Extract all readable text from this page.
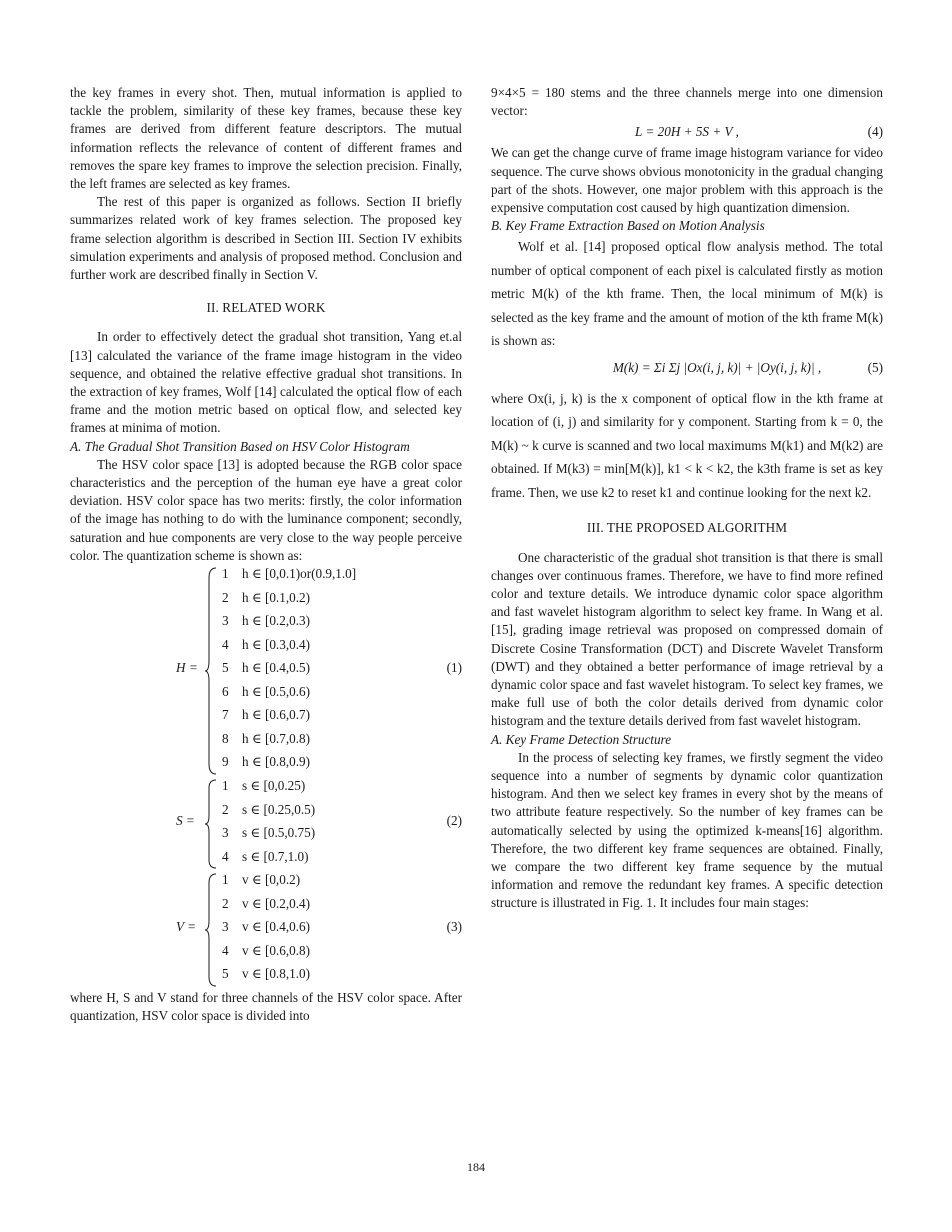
the key frames in every shot. Then, mutual information is applied to tackle the problem, similarity of these key frames, because these key frames are derived from different feature descriptors. The mutual information reflects the relevance of content of different frames and removes the spare key frames to improve the selection precision. Finally, the left frames are selected as key frames.

The rest of this paper is organized as follows. Section II briefly summarizes related work of key frames selection. The proposed key frame selection algorithm is described in Section III. Section IV exhibits simulation experiments and analysis of proposed method. Conclusion and further work are described finally in Section V.

II. RELATED WORK

In order to effectively detect the gradual shot transition, Yang et.al [13] calculated the variance of the frame image histogram in the video sequence, and obtained the relative effective gradual shot transitions. In the extraction of key frames, Wolf [14] calculated the optical flow of each frame and the motion metric based on optical flow, and selected key frames at minima of motion.

A. The Gradual Shot Transition Based on HSV Color Histogram

The HSV color space [13] is adopted because the RGB color space characteristics and the perception of the human eye have a great color deviation. HSV color space has two merits: firstly, the color information of the image has nothing to do with the luminance component; secondly, saturation and hue components are very close to the way people perceive color. The quantization scheme is shown as:

H =	(1)
1 h ∈ [0,0.1)or(0.9,1.0]
2 h ∈ [0.1,0.2)
3 h ∈ [0.2,0.3)
4 h ∈ [0.3,0.4)
5 h ∈ [0.4,0.5)
6 h ∈ [0.5,0.6)
7 h ∈ [0.6,0.7)
8 h ∈ [0.7,0.8)
9 h ∈ [0.8,0.9)
S =	(2)
1 s ∈ [0,0.25)
2 s ∈ [0.25,0.5)
3 s ∈ [0.5,0.75)
4 s ∈ [0.7,1.0)
V =	(3)
1 v ∈ [0,0.2)
2 v ∈ [0.2,0.4)
3 v ∈ [0.4,0.6)
4 v ∈ [0.6,0.8)
5 v ∈ [0.8,1.0)

where H, S and V stand for three channels of the HSV color space. After quantization, HSV color space is divided into

9×4×5 = 180 stems and the three channels merge into one dimension vector:

L = 20H + 5S + V ,	(4)

We can get the change curve of frame image histogram variance for video sequence. The curve shows obvious monotonicity in the gradual changing part of the shots. However, one major problem with this approach is the expensive computation cost caused by high quantization dimension.

B. Key Frame Extraction Based on Motion Analysis

Wolf et al. [14] proposed optical flow analysis method. The total number of optical component of each pixel is calculated firstly as motion metric M(k) of the kth frame. Then, the local minimum of M(k) is selected as the key frame and the amount of motion of the kth frame M(k) is shown as:

M(k) = Σi Σj |Ox(i, j, k)| + |Oy(i, j, k)| ,	(5)

where Ox(i, j, k) is the x component of optical flow in the kth frame at location of (i, j) and similarity for y component. Starting from k = 0, the M(k) ~ k curve is scanned and two local maximums M(k1) and M(k2) are obtained. If M(k3) = min[M(k)], k1 < k < k2, the k3th frame is set as key frame. Then, we use k2 to reset k1 and continue looking for the next k2.

III. THE PROPOSED ALGORITHM

One characteristic of the gradual shot transition is that there is small changes over continuous frames. Therefore, we have to find more refined color and texture details. We introduce dynamic color space algorithm and fast wavelet histogram algorithm to select key frame. In Wang et al. [15], grading image retrieval was proposed on compressed domain of Discrete Cosine Transformation (DCT) and Discrete Wavelet Transform (DWT) and they obtained a better performance of image retrieval by a dynamic color space and fast wavelet histogram. To select key frames, we make full use of both the color details derived from dynamic color histogram and the texture details derived from fast wavelet histogram.

A. Key Frame Detection Structure

In the process of selecting key frames, we firstly segment the video sequence into a number of segments by dynamic color quantization histogram. And then we select key frames in every shot by the means of two attribute feature respectively. So the number of key frames can be automatically selected by using the optimized k-means[16] algorithm. Therefore, the two different key frame sequences are obtained. Finally, we compare the two different key frame sequence by the mutual information and remove the redundant key frames. A specific detection structure is illustrated in Fig. 1. It includes four main stages:

184
